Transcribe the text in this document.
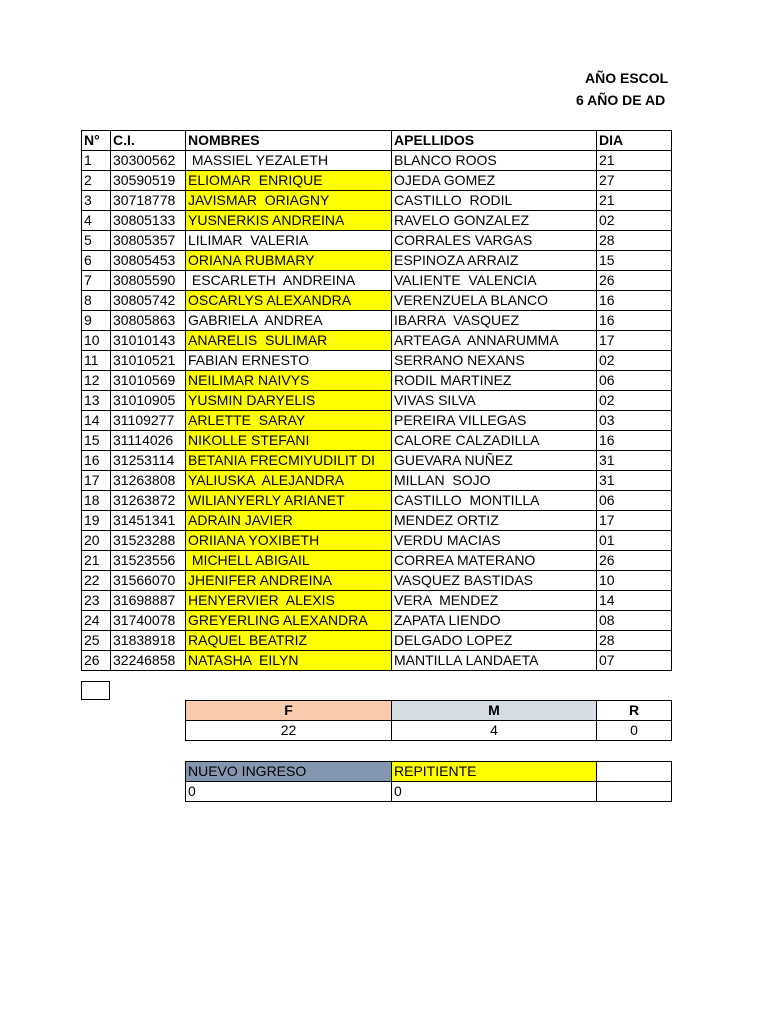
AÑO ESCOL
6 AÑO DE AD
N°	C.I.	NOMBRES	APELLIDOS	DIA
1	30300562	MASSIEL YEZALETH	BLANCO ROOS	21
2	30590519	ELIOMAR  ENRIQUE	OJEDA GOMEZ	27
3	30718778	JAVISMAR  ORIAGNY	CASTILLO  RODIL	21
4	30805133	YUSNERKIS ANDREINA	RAVELO GONZALEZ	02
5	30805357	LILIMAR  VALERIA	CORRALES VARGAS	28
6	30805453	ORIANA RUBMARY	ESPINOZA ARRAIZ	15
7	30805590	ESCARLETH  ANDREINA	VALIENTE  VALENCIA	26
8	30805742	OSCARLYS ALEXANDRA	VERENZUELA BLANCO	16
9	30805863	GABRIELA  ANDREA	IBARRA  VASQUEZ	16
10	31010143	ANARELIS  SULIMAR	ARTEAGA  ANNARUMMA	17
11	31010521	FABIAN ERNESTO	SERRANO NEXANS	02
12	31010569	NEILIMAR NAIVYS	RODIL MARTINEZ	06
13	31010905	YUSMIN DARYELIS	VIVAS SILVA	02
14	31109277	ARLETTE  SARAY	PEREIRA VILLEGAS	03
15	31114026	NIKOLLE STEFANI	CALORE CALZADILLA	16
16	31253114	BETANIA FRECMIYUDILIT DI	GUEVARA NUÑEZ	31
17	31263808	YALIUSKA  ALEJANDRA	MILLAN  SOJO	31
18	31263872	WILIANYERLY ARIANET	CASTILLO  MONTILLA	06
19	31451341	ADRAIN JAVIER	MENDEZ ORTIZ	17
20	31523288	ORIIANA YOXIBETH	VERDU MACIAS	01
21	31523556	MICHELL ABIGAIL	CORREA MATERANO	26
22	31566070	JHENIFER ANDREINA	VASQUEZ BASTIDAS	10
23	31698887	HENYERVIER  ALEXIS	VERA  MENDEZ	14
24	31740078	GREYERLING ALEXANDRA	ZAPATA LIENDO	08
25	31838918	RAQUEL BEATRIZ	DELGADO LOPEZ	28
26	32246858	NATASHA  EILYN	MANTILLA LANDAETA	07
F	M	R
22	4	0
NUEVO INGRESO	REPITIENTE	
0	0	
